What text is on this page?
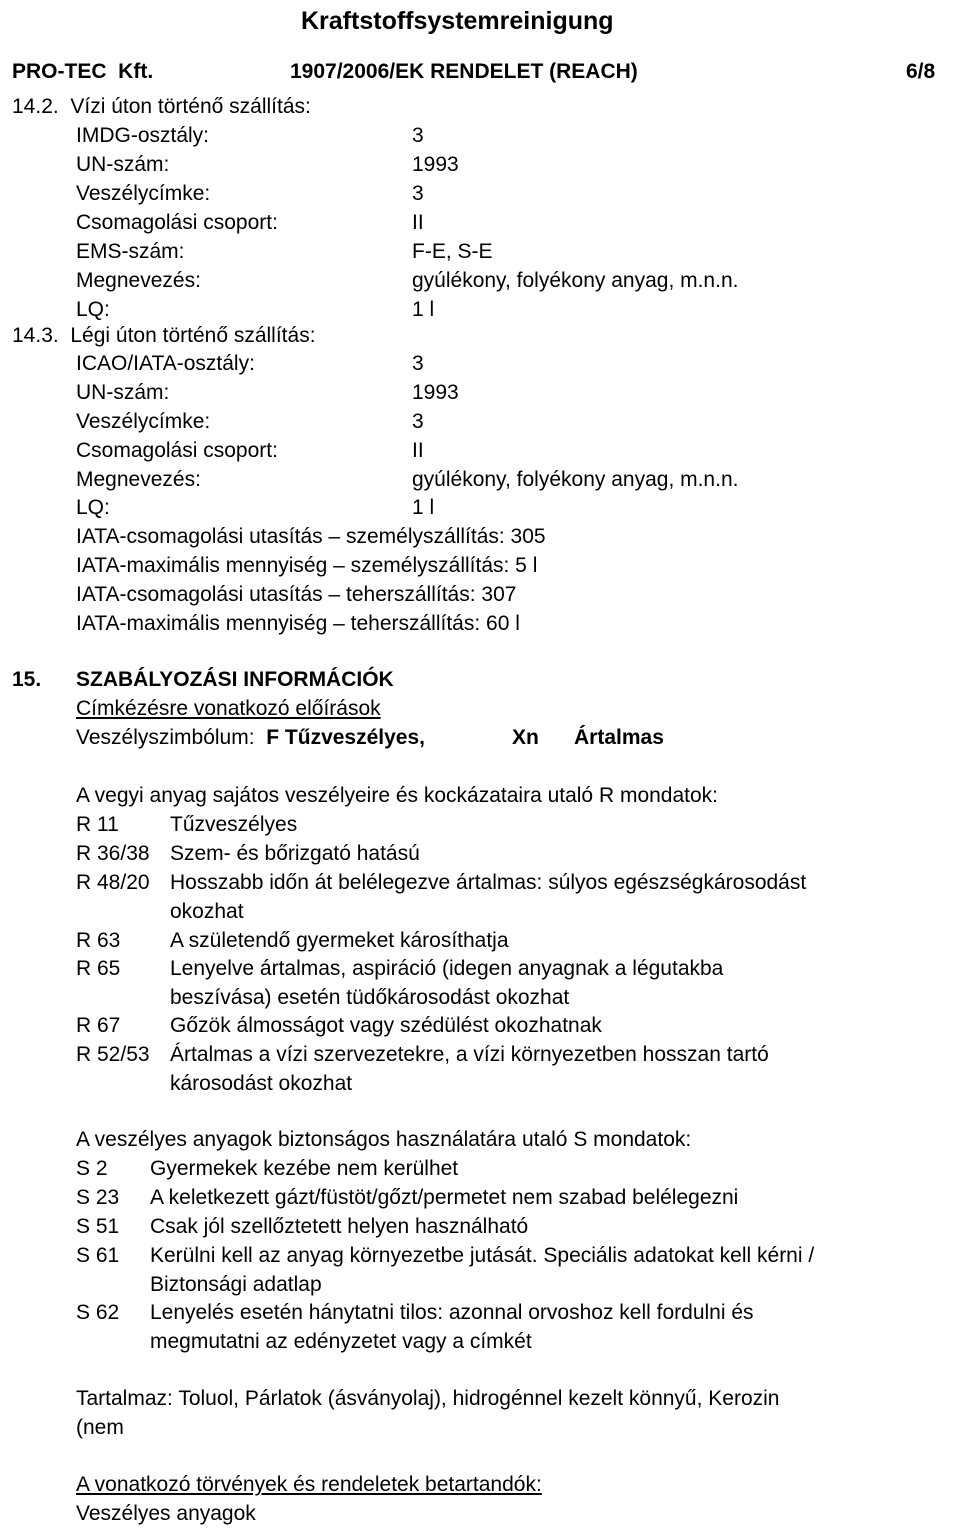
Kraftstoffsystemreinigung
PRO-TEC  Kft.	1907/2006/EK RENDELET (REACH)	6/8
14.2.  Vízi úton történő szállítás:
IMDG-osztály:	3
UN-szám:	1993
Veszélycímke:	3
Csomagolási csoport:	II
EMS-szám:	F-E, S-E
Megnevezés:	gyúlékony, folyékony anyag, m.n.n.
LQ:	1 l
14.3.  Légi úton történő szállítás:
ICAO/IATA-osztály:	3
UN-szám:	1993
Veszélycímke:	3
Csomagolási csoport:	II
Megnevezés:	gyúlékony, folyékony anyag, m.n.n.
LQ:	1 l
IATA-csomagolási utasítás – személyszállítás: 305
IATA-maximális mennyiség – személyszállítás: 5 l
IATA-csomagolási utasítás – teherszállítás: 307
IATA-maximális mennyiség – teherszállítás: 60 l
15. SZABÁLYOZÁSI INFORMÁCIÓK
Címkézésre vonatkozó előírások
Veszélyszimbólum:  F Tűzveszélyes,	Xn Ártalmas
A vegyi anyag sajátos veszélyeire és kockázataira utaló R mondatok:
R 11 Tűzveszélyes
R 36/38 Szem- és bőrizgató hatású
R 48/20 Hosszabb időn át belélegezve ártalmas: súlyos egészségkárosodást
okozhat
R 63 A születendő gyermeket károsíthatja
R 65 Lenyelve ártalmas, aspiráció (idegen anyagnak a légutakba
beszívása) esetén tüdőkárosodást okozhat
R 67 Gőzök álmosságot vagy szédülést okozhatnak
R 52/53 Ártalmas a vízi szervezetekre, a vízi környezetben hosszan tartó
károsodást okozhat
A veszélyes anyagok biztonságos használatára utaló S mondatok:
S 2 Gyermekek kezébe nem kerülhet
S 23 A keletkezett gázt/füstöt/gőzt/permetet nem szabad belélegezni
S 51 Csak jól szellőztetett helyen használható
S 61 Kerülni kell az anyag környezetbe jutását. Speciális adatokat kell kérni /
Biztonsági adatlap
S 62 Lenyelés esetén hánytatni tilos: azonnal orvoshoz kell fordulni és
megmutatni az edényzetet vagy a címkét
Tartalmaz: Toluol, Párlatok (ásványolaj), hidrogénnel kezelt könnyű, Kerozin
(nem
A vonatkozó törvények és rendeletek betartandók:
Veszélyes anyagok
